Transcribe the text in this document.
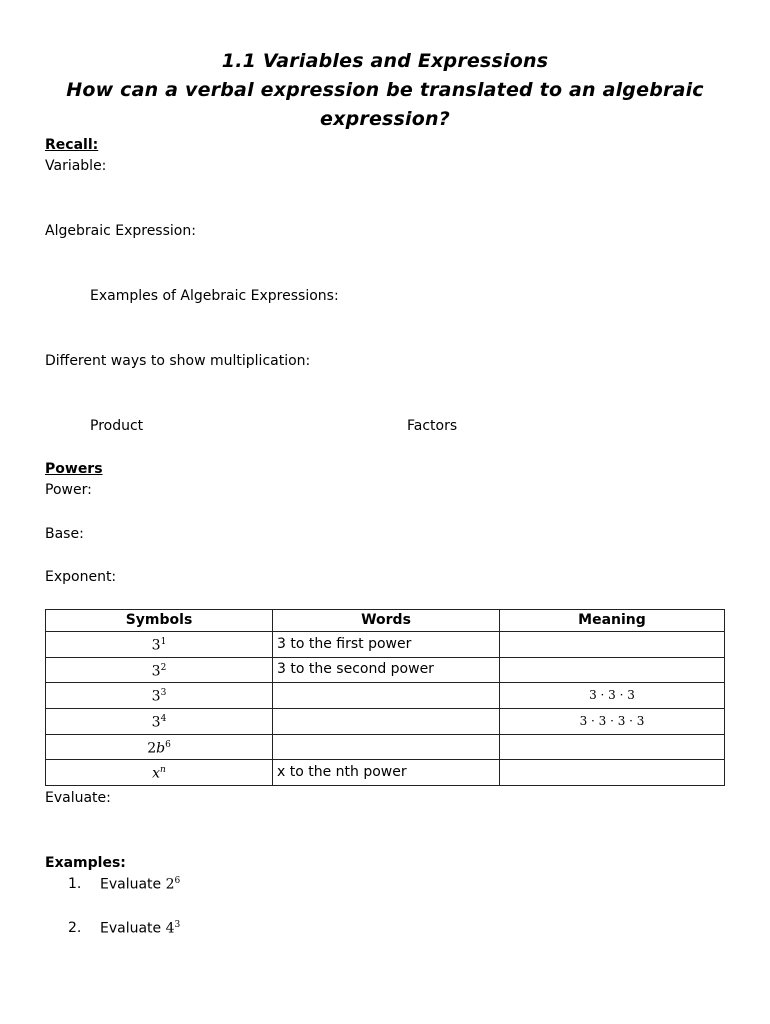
1.1 Variables and Expressions
How can a verbal expression be translated to an algebraic
expression?
Recall:
Variable:
Algebraic Expression:
Examples of Algebraic Expressions:
Different ways to show multiplication:
Product	Factors
Powers
Power:
Base:
Exponent:
Symbols	Words	Meaning
$3^1$	3 to the first power	
$3^2$	3 to the second power	
$3^3$		3 · 3 · 3
$3^4$		3 · 3 · 3 · 3
2𝑏$^6$		
𝑥$^𝑛$	x to the nth power	
Evaluate:
Examples:
1. Evaluate $2^6$
2. Evaluate $4^3$
